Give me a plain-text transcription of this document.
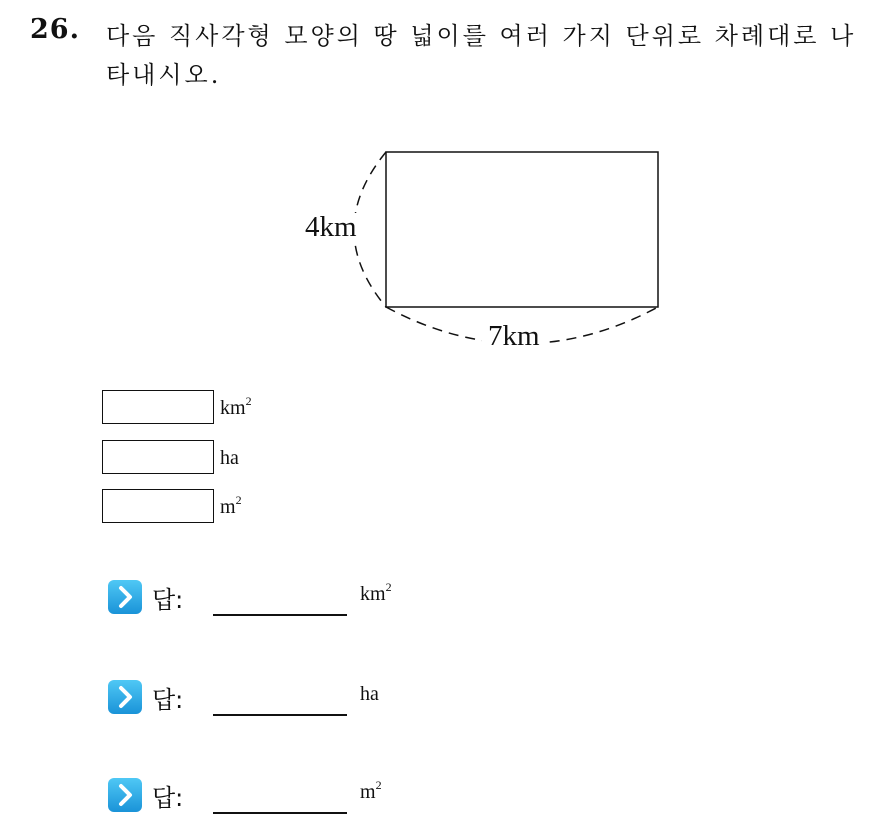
26. 다음 직사각형 모양의 땅 넓이를 여러 가지 단위로 차례대로 나타내시오.
4km
7km
$km^2$
ha
$m^2$
답:	$km^2$
답:	ha
답:	$m^2$
